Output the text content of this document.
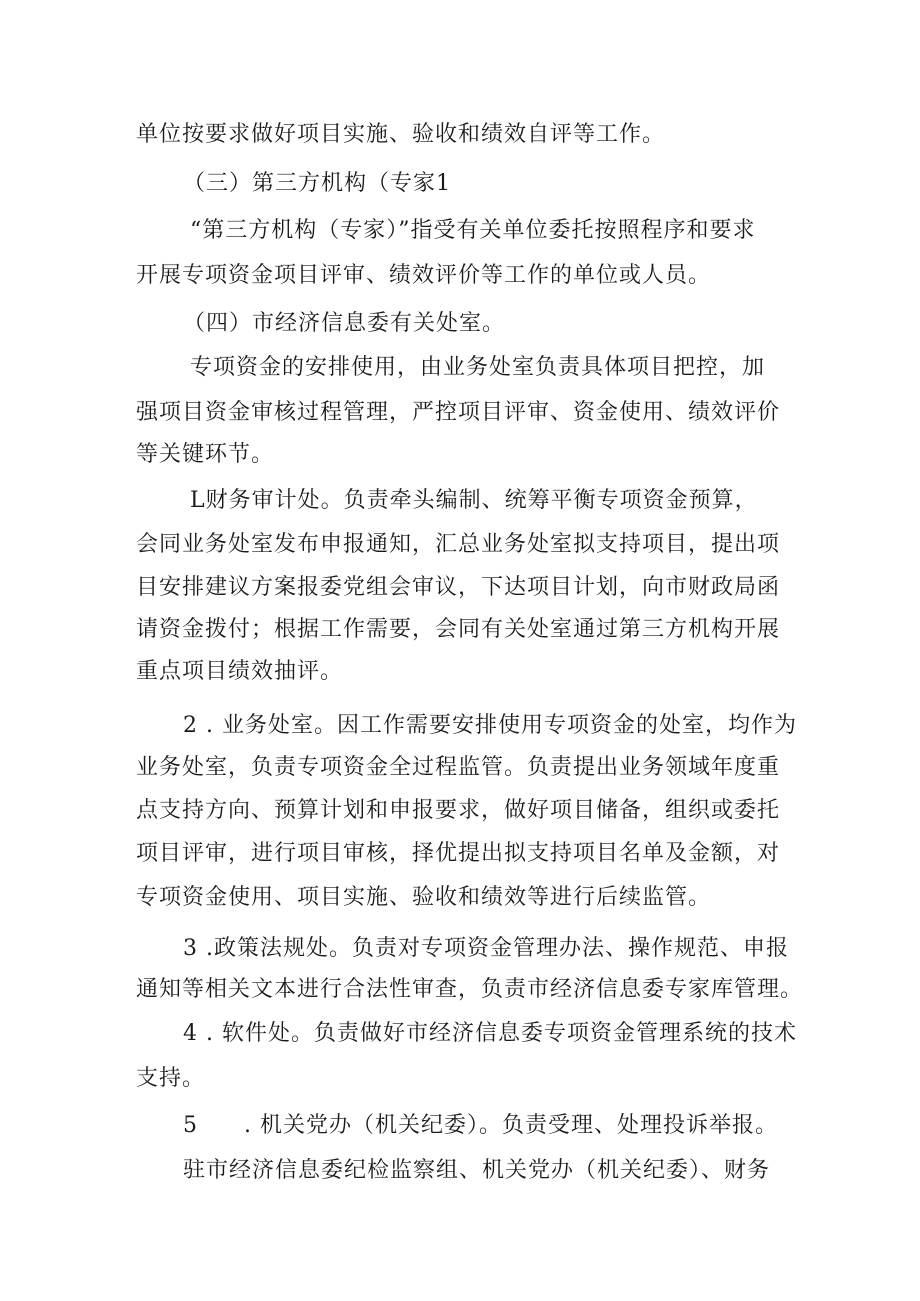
单位按要求做好项目实施、验收和绩效自评等工作。
（三）第三方机构（专家1
“第三方机构（专家）”指受有关单位委托按照程序和要求
开展专项资金项目评审、绩效评价等工作的单位或人员。
（四）市经济信息委有关处室。
专项资金的安排使用，由业务处室负责具体项目把控，加
强项目资金审核过程管理，严控项目评审、资金使用、绩效评价
等关键环节。
L财务审计处。负责牵头编制、统筹平衡专项资金预算，
会同业务处室发布申报通知，汇总业务处室拟支持项目，提出项
目安排建议方案报委党组会审议，下达项目计划，向市财政局函
请资金拨付；根据工作需要，会同有关处室通过第三方机构开展
重点项目绩效抽评。
2 . 业务处室。因工作需要安排使用专项资金的处室，均作为
业务处室，负责专项资金全过程监管。负责提出业务领域年度重
点支持方向、预算计划和申报要求，做好项目储备，组织或委托
项目评审，进行项目审核，择优提出拟支持项目名单及金额，对
专项资金使用、项目实施、验收和绩效等进行后续监管。
3 .政策法规处。负责对专项资金管理办法、操作规范、申报
通知等相关文本进行合法性审查，负责市经济信息委专家库管理。
4 . 软件处。负责做好市经济信息委专项资金管理系统的技术
支持。
5　　. 机关党办（机关纪委）。负责受理、处理投诉举报。
驻市经济信息委纪检监察组、机关党办（机关纪委）、财务
